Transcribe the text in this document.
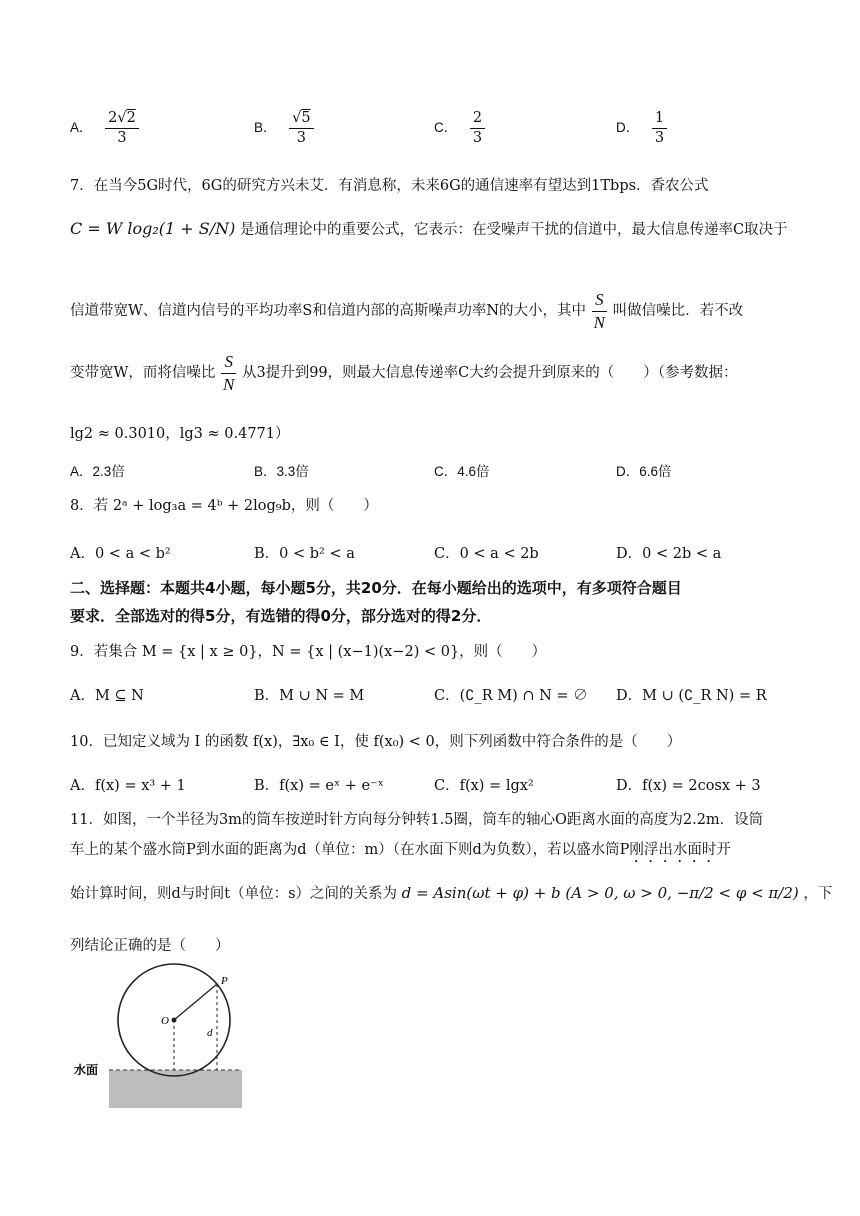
A． $\frac{2√2}{3}$	B． $\frac{√5}{3}$	C． $\frac{2}{3}$	D． $\frac{1}{3}$
7．在当今5G时代，6G的研究方兴未艾．有消息称，未来6G的通信速率有望达到1Tbps．香农公式
C = W log₂(1 + S/N) 是通信理论中的重要公式，它表示：在受噪声干扰的信道中，最大信息传递率C取决于
信道带宽W、信道内信号的平均功率S和信道内部的高斯噪声功率N的大小，其中 $\frac{S}{N}$ 叫做信噪比．若不改
变带宽W，而将信噪比 $\frac{S}{N}$ 从3提升到99，则最大信息传递率C大约会提升到原来的（　　）（参考数据：
lg2 ≈ 0.3010，lg3 ≈ 0.4771）
A．2.3倍	B．3.3倍	C．4.6倍	D．6.6倍
8．若 2ᵃ + log₃a = 4ᵇ + 2log₉b，则（　　）
A．0 < a < b²	B．0 < b² < a	C．0 < a < 2b	D．0 < 2b < a
二、选择题：本题共4小题，每小题5分，共20分．在每小题给出的选项中，有多项符合题目
要求．全部选对的得5分，有选错的得0分，部分选对的得2分．
9．若集合 M = {x | x ≥ 0}，N = {x | (x−1)(x−2) < 0}，则（　　）
A．M ⊆ N	B．M ∪ N = M	C．(∁_R M) ∩ N = ∅ D．M ∪ (∁_R N) = R
10．已知定义域为 I 的函数 f(x)，∃x₀ ∈ I，使 f(x₀) < 0，则下列函数中符合条件的是（　　）
A．f(x) = x³ + 1	B．f(x) = eˣ + e⁻ˣ	C．f(x) = lgx²	D．f(x) = 2cosx + 3
11．如图，一个半径为3m的筒车按逆时针方向每分钟转1.5圈，筒车的轴心O距离水面的高度为2.2m．设筒
车上的某个盛水筒P到水面的距离为d（单位：m）（在水面下则d为负数），若以盛水筒P刚浮出水面时开
始计算时间，则d与时间t（单位：s）之间的关系为 d = Asin(ωt + φ) + b (A > 0, ω > 0, −π/2 < φ < π/2) ，下
列结论正确的是（　　）
P
O
d
水面
